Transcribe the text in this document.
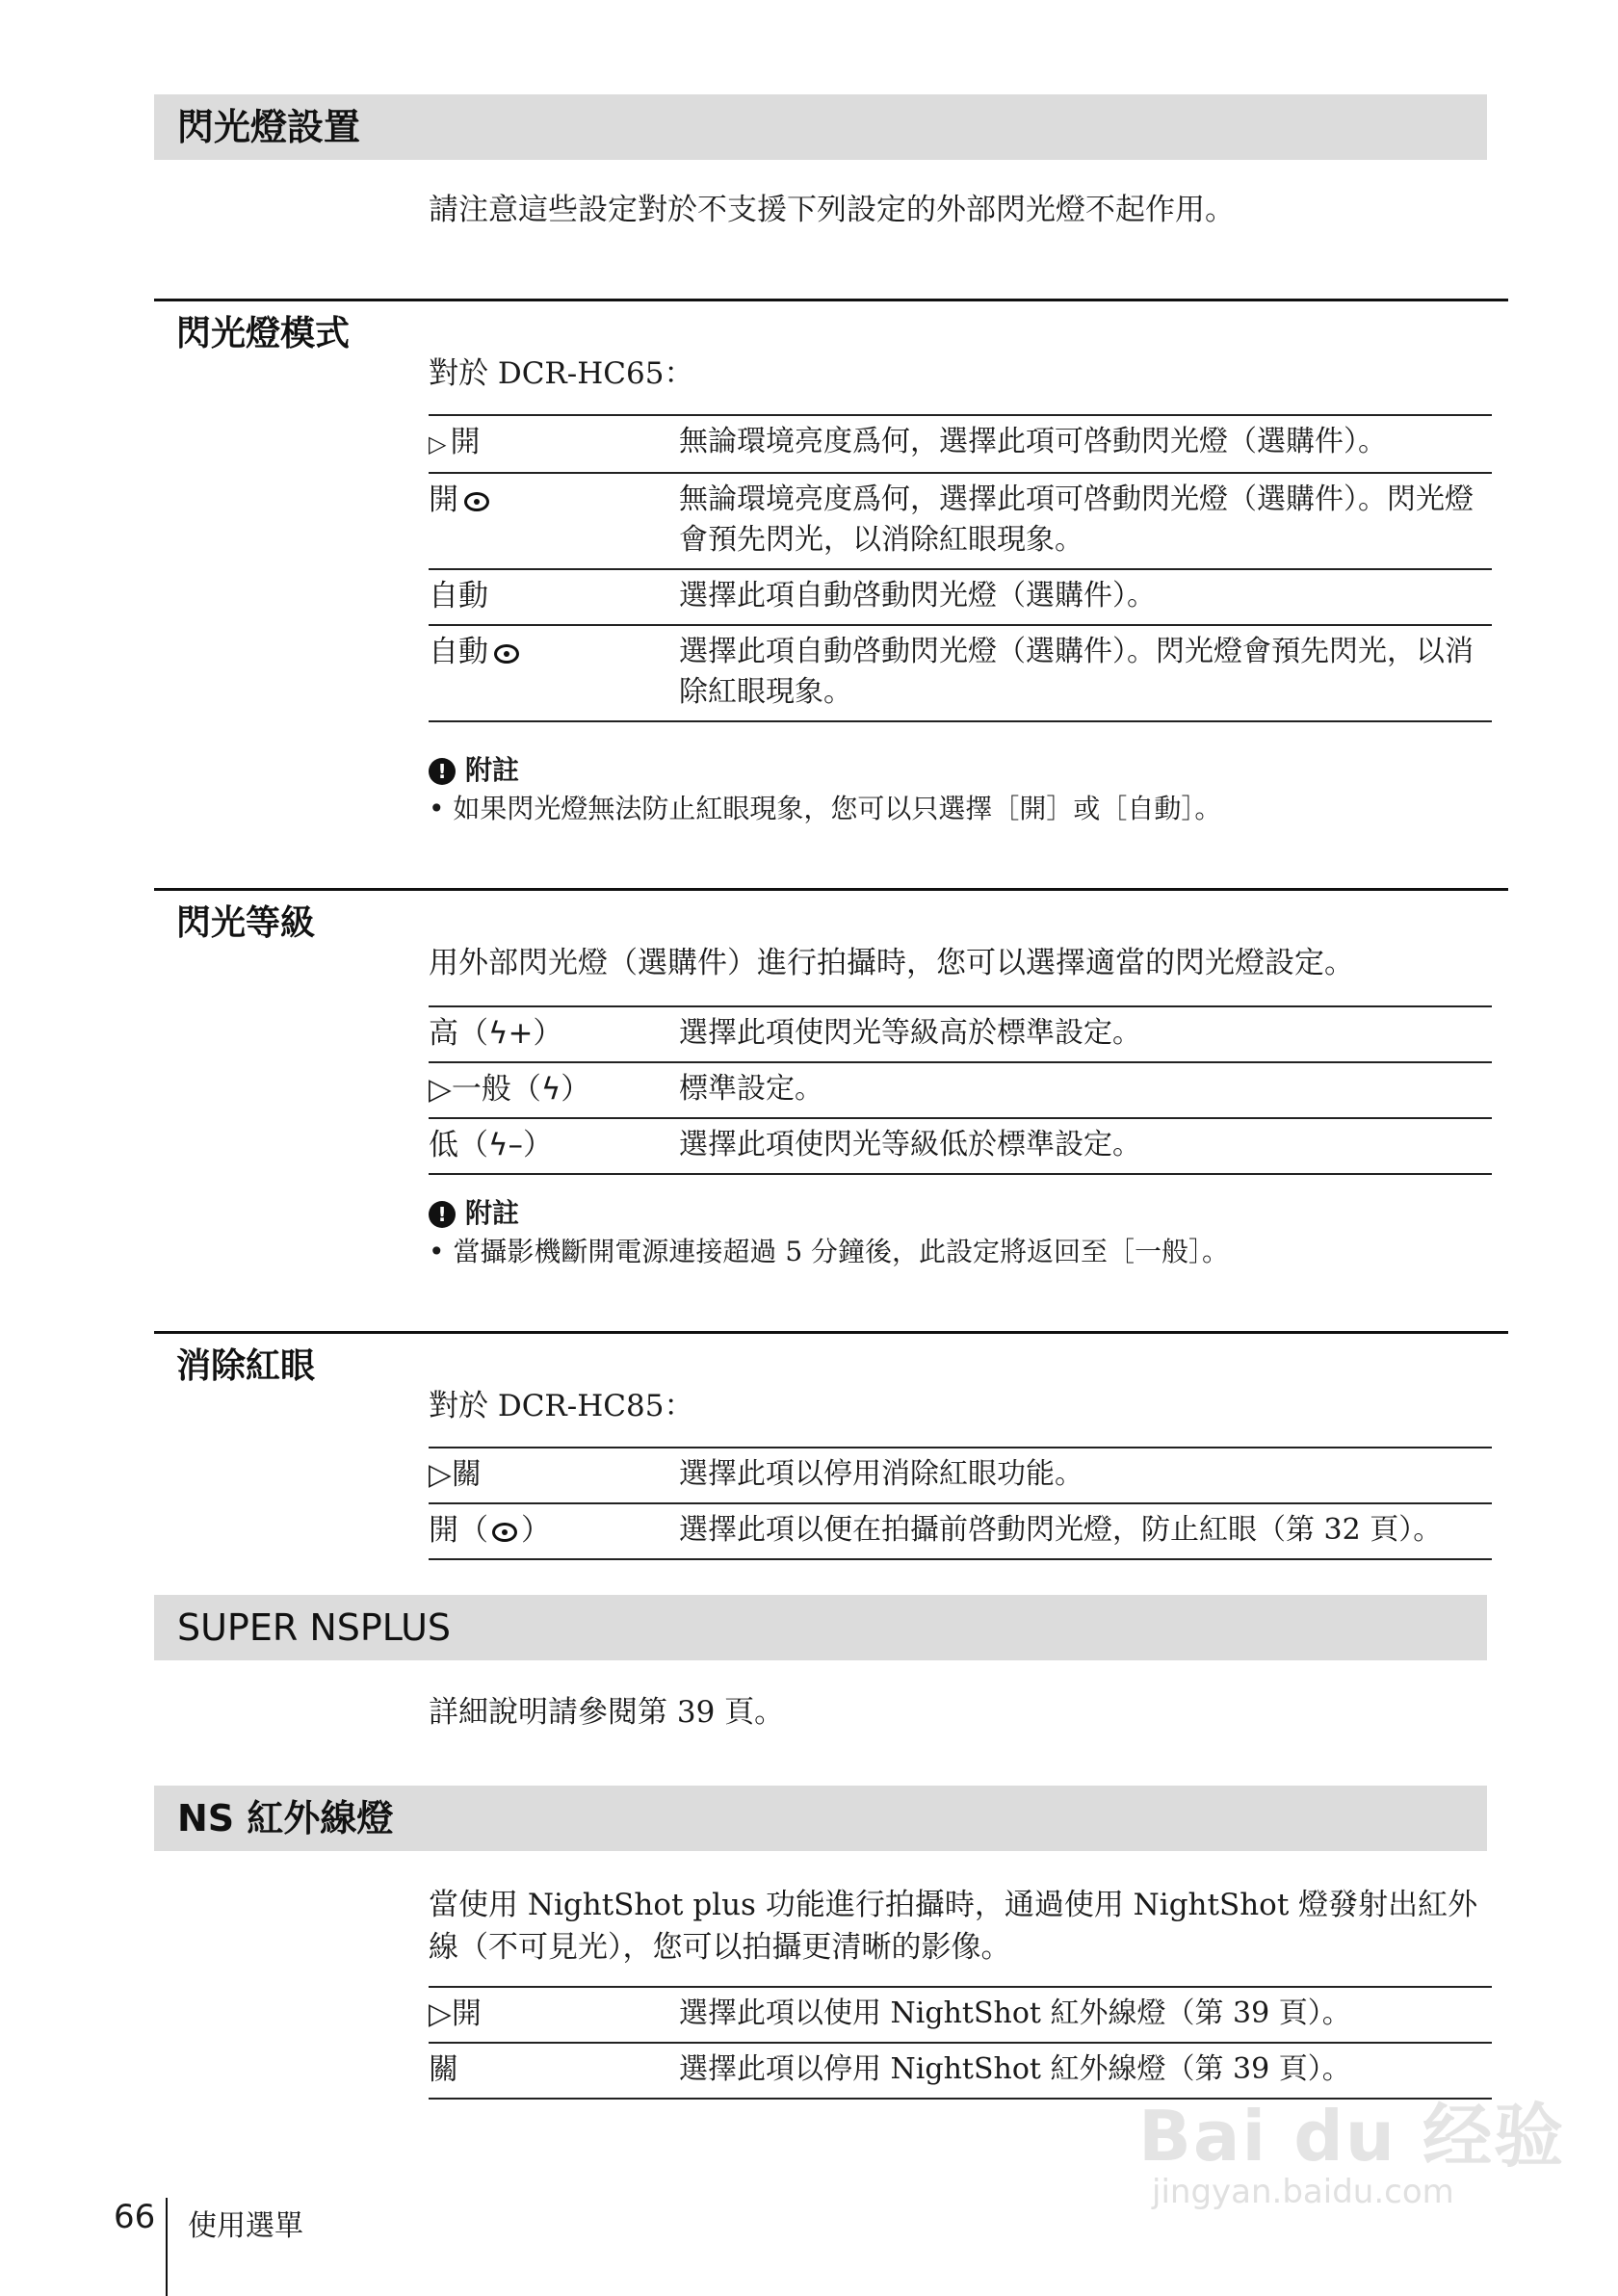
閃光燈設置
請注意這些設定對於不支援下列設定的外部閃光燈不起作用。
閃光燈模式
對於 DCR-HC65：
▷ 開	無論環境亮度爲何，選擇此項可啓動閃光燈（選購件）。
開	無論環境亮度爲何，選擇此項可啓動閃光燈（選購件）。閃光燈會預先閃光，以消除紅眼現象。
自動	選擇此項自動啓動閃光燈（選購件）。
自動	選擇此項自動啓動閃光燈（選購件）。閃光燈會預先閃光，以消除紅眼現象。
! 附註
• 如果閃光燈無法防止紅眼現象，您可以只選擇［開］或［自動］。
閃光等級
用外部閃光燈（選購件）進行拍攝時，您可以選擇適當的閃光燈設定。
高（ϟ+）	選擇此項使閃光等級高於標準設定。
▷一般（ϟ）	標準設定。
低（ϟ–）	選擇此項使閃光等級低於標準設定。
! 附註
• 當攝影機斷開電源連接超過 5 分鐘後，此設定將返回至［一般］。
消除紅眼
對於 DCR-HC85：
▷關	選擇此項以停用消除紅眼功能。
開（ ）	選擇此項以便在拍攝前啓動閃光燈，防止紅眼（第 32 頁）。
SUPER NSPLUS
詳細說明請參閱第 39 頁。
NS 紅外線燈
當使用 NightShot plus 功能進行拍攝時，通過使用 NightShot 燈發射出紅外線（不可見光），您可以拍攝更清晰的影像。
▷開	選擇此項以使用 NightShot 紅外線燈（第 39 頁）。
關	選擇此項以停用 NightShot 紅外線燈（第 39 頁）。
Bai du 经验
jingyan.baidu.com
66 使用選單
